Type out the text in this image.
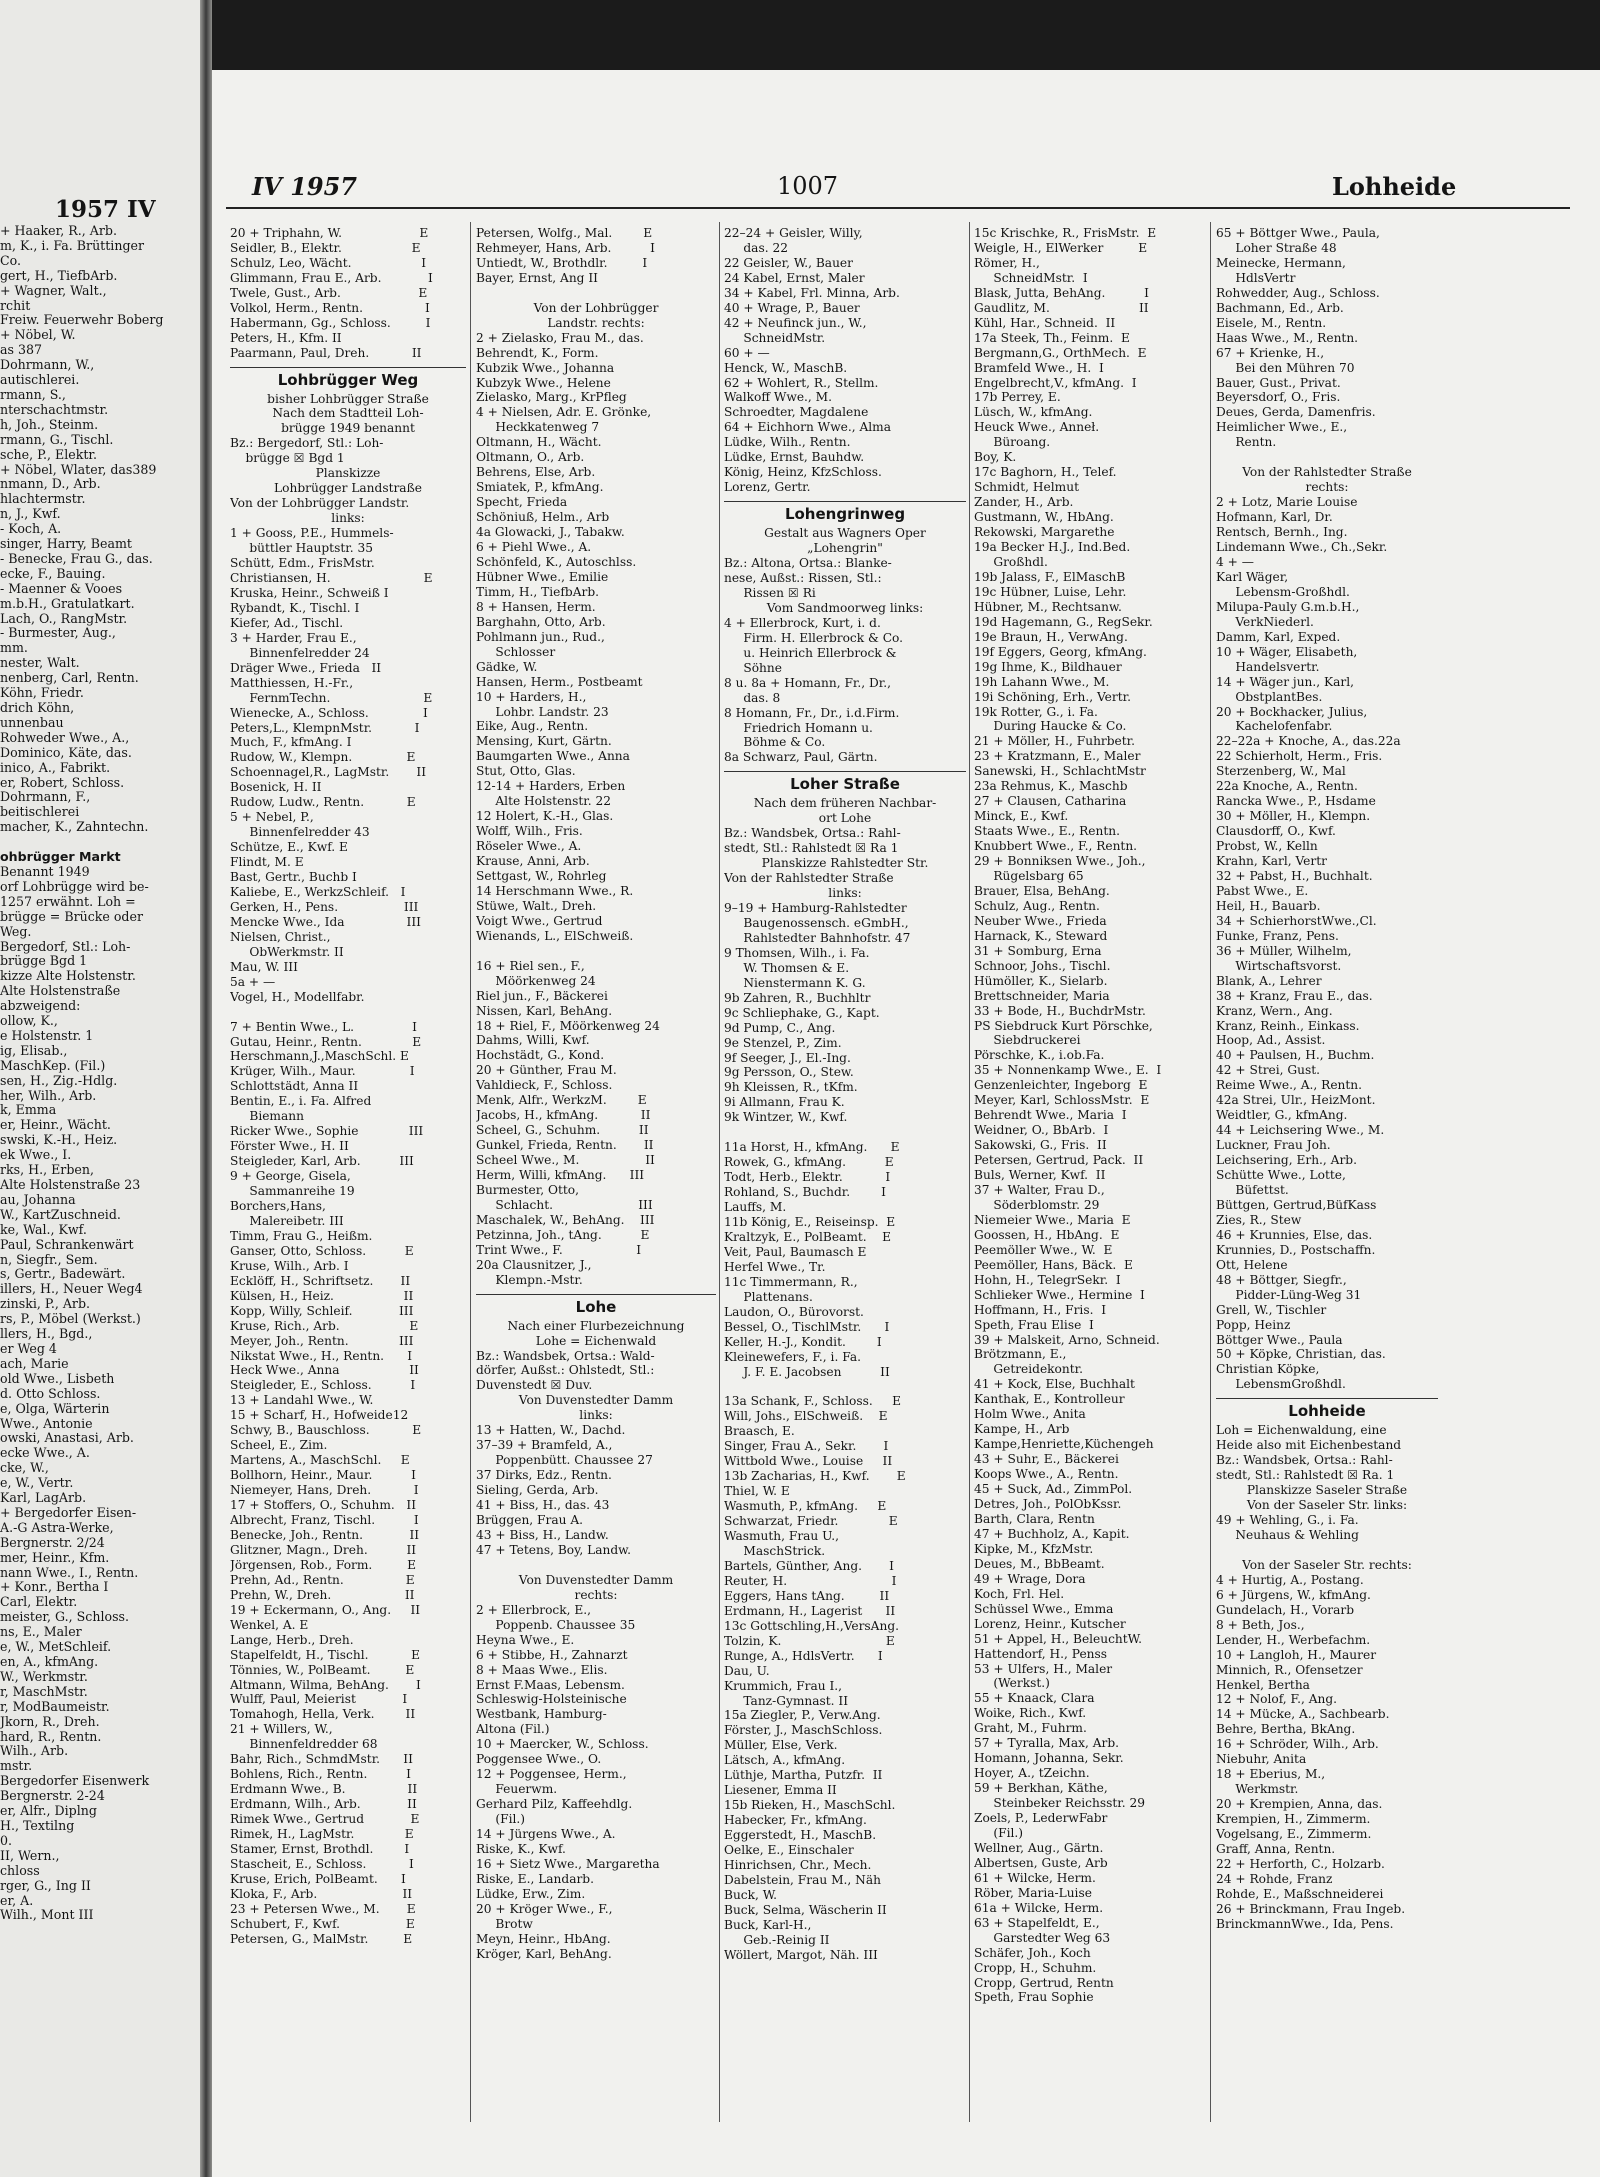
1957 IV
+ Haaker, R., Arb.
m, K., i. Fa. Brüttinger
Co.
gert, H., TiefbArb.
+ Wagner, Walt.,
rchit
Freiw. Feuerwehr Boberg
+ Nöbel, W.
as 387
Dohrmann, W.,
autischlerei.
rmann, S.,
nterschachtmstr.
h, Joh., Steinm.
rmann, G., Tischl.
sche, P., Elektr.
+ Nöbel, Wlater, das389
nmann, D., Arb.
hlachtermstr.
n, J., Kwf.
- Koch, A.
singer, Harry, Beamt
- Benecke, Frau G., das.
ecke, F., Bauing.
- Maenner & Vooes
m.b.H., Gratulatkart.
Lach, O., RangMstr.
- Burmester, Aug.,
mm.
nester, Walt.
nenberg, Carl, Rentn.
Köhn, Friedr.
drich Köhn,
unnenbau
Rohweder Wwe., A.,
Dominico, Käte, das.
inico, A., Fabrikt.
er, Robert, Schloss.
Dohrmann, F.,
beitischlerei
macher, K., Zahntechn.

ohbrügger Markt
Benannt 1949
orf Lohbrügge wird be-
1257 erwähnt. Loh =
brügge = Brücke oder
Weg.
Bergedorf, Stl.: Loh-
brügge Bgd 1
kizze Alte Holstenstr.
Alte Holstenstraße
abzweigend:
ollow, K.,
e Holstenstr. 1
ig, Elisab.,
MaschKep. (Fil.)
sen, H., Zig.-Hdlg.
her, Wilh., Arb.
k, Emma
er, Heinr., Wächt.
swski, K.-H., Heiz.
ek Wwe., I.
rks, H., Erben,
Alte Holstenstraße 23
au, Johanna
W., KartZuschneid.
ke, Wal., Kwf.
Paul, Schrankenwärt
n, Siegfr., Sem.
s, Gertr., Badewärt.
illers, H., Neuer Weg4
zinski, P., Arb.
rs, P., Möbel (Werkst.)
llers, H., Bgd.,
er Weg 4
ach, Marie
old Wwe., Lisbeth
d. Otto Schloss.
e, Olga, Wärterin
Wwe., Antonie
owski, Anastasi, Arb.
ecke Wwe., A.
cke, W.,
e, W., Vertr.
Karl, LagArb.
+ Bergedorfer Eisen-
A.-G Astra-Werke,
Bergnerstr. 2/24
mer, Heinr., Kfm.
nann Wwe., I., Rentn.
+ Konr., Bertha I
Carl, Elektr.
meister, G., Schloss.
ns, E., Maler
e, W., MetSchleif.
en, A., kfmAng.
W., Werkmstr.
r, MaschMstr.
r, ModBaumeistr.
Jkorn, R., Dreh.
hard, R., Rentn.
Wilh., Arb.
mstr.
Bergedorfer Eisenwerk
Bergnerstr. 2-24
er, Alfr., Diplng
H., Textilng
0.
II, Wern.,
chloss
rger, G., Ing II
er, A.
Wilh., Mont III
IV 1957	1007	Lohheide
20 + Triphahn, W.                    E
Seidler, B., Elektr.                  E
Schulz, Leo, Wächt.                  I
Glimmann, Frau E., Arb.            I
Twele, Gust., Arb.                    E
Volkol, Herm., Rentn.                I
Habermann, Gg., Schloss.         I
Peters, H., Kfm. II
Paarmann, Paul, Dreh.           II
Lohbrügger Weg
bisher Lohbrügger Straße
Nach dem Stadtteil Loh-
brügge 1949 benannt
Bz.: Bergedorf, Stl.: Loh-
brügge ☒ Bgd 1
Planskizze
Lohbrügger Landstraße
Von der Lohbrügger Landstr.
links:
1 + Gooss, P.E., Hummels-
büttler Hauptstr. 35
Schütt, Edm., FrisMstr.
Christiansen, H.                        E
Kruska, Heinr., Schweiß I
Rybandt, K., Tischl. I
Kiefer, Ad., Tischl.
3 + Harder, Frau E.,
Binnenfelredder 24
Dräger Wwe., Frieda   II
Matthiessen, H.-Fr.,
FernmTechn.                        E
Wienecke, A., Schloss.              I
Peters,L., KlempnMstr.           I
Much, F., kfmAng. I
Rudow, W., Klempn.              E
Schoennagel,R., LagMstr.       II
Bosenick, H. II
Rudow, Ludw., Rentn.           E
5 + Nebel, P.,
Binnenfelredder 43
Schütze, E., Kwf. E
Flindt, M. E
Bast, Gertr., Buchb I
Kaliebe, E., WerkzSchleif.   I
Gerken, H., Pens.                 III
Mencke Wwe., Ida                III
Nielsen, Christ.,
ObWerkmstr. II
Mau, W. III
5a + —
Vogel, H., Modellfabr.

7 + Bentin Wwe., L.               I
Gutau, Heinr., Rentn.             E
Herschmann,J.,MaschSchl. E
Krüger, Wilh., Maur.              I
Schlottstädt, Anna II
Bentin, E., i. Fa. Alfred
Biemann
Ricker Wwe., Sophie             III
Förster Wwe., H. II
Steigleder, Karl, Arb.          III
9 + George, Gisela,
Sammanreihe 19
Borchers,Hans,
Malereibetr. III
Timm, Frau G., Heißm.
Ganser, Otto, Schloss.          E
Kruse, Wilh., Arb. I
Ecklöff, H., Schriftsetz.       II
Külsen, H., Heiz.                  II
Kopp, Willy, Schleif.            III
Kruse, Rich., Arb.                  E
Meyer, Joh., Rentn.             III
Nikstat Wwe., H., Rentn.      I
Heck Wwe., Anna                  II
Steigleder, E., Schloss.          I
13 + Landahl Wwe., W.
15 + Scharf, H., Hofweide12
Schwy, B., Bauschloss.           E
Scheel, E., Zim.
Martens, A., MaschSchl.     E
Bollhorn, Heinr., Maur.          I
Niemeyer, Hans, Dreh.           I
17 + Stoffers, O., Schuhm.   II
Albrecht, Franz, Tischl.          I
Benecke, Joh., Rentn.            II
Glitzner, Magn., Dreh.          II
Jörgensen, Rob., Form.         E
Prehn, Ad., Rentn.                E
Prehn, W., Dreh.                   II
19 + Eckermann, O., Ang.     II
Wenkel, A. E
Lange, Herb., Dreh.
Stapelfeldt, H., Tischl.           E
Tönnies, W., PolBeamt.         E
Altmann, Wilma, BehAng.       I
Wulff, Paul, Meierist            I
Tomahogh, Hella, Verk.        II
21 + Willers, W.,
Binnenfeldredder 68
Bahr, Rich., SchmdMstr.      II
Bohlens, Rich., Rentn.          I
Erdmann Wwe., B.                II
Erdmann, Wilh., Arb.            II
Rimek Wwe., Gertrud            E
Rimek, H., LagMstr.             E
Stamer, Ernst, Brothdl.        I
Stascheit, E., Schloss.           I
Kruse, Erich, PolBeamt.      I
Kloka, F., Arb.                      II
23 + Petersen Wwe., M.       E
Schubert, F., Kwf.                 E
Petersen, G., MalMstr.         E
Petersen, Wolfg., Mal.        E
Rehmeyer, Hans, Arb.          I
Untiedt, W., Brothdlr.         I
Bayer, Ernst, Ang II

Von der Lohbrügger
Landstr. rechts:
2 + Zielasko, Frau M., das.
Behrendt, K., Form.
Kubzik Wwe., Johanna
Kubzyk Wwe., Helene
Zielasko, Marg., KrPfleg
4 + Nielsen, Adr. E. Grönke,
Heckkatenweg 7
Oltmann, H., Wächt.
Oltmann, O., Arb.
Behrens, Else, Arb.
Smiatek, P., kfmAng.
Specht, Frieda
Schöniuß, Helm., Arb
4a Glowacki, J., Tabakw.
6 + Piehl Wwe., A.
Schönfeld, K., Autoschlss.
Hübner Wwe., Emilie
Timm, H., TiefbArb.
8 + Hansen, Herm.
Barghahn, Otto, Arb.
Pohlmann jun., Rud.,
Schlosser
Gädke, W.
Hansen, Herm., Postbeamt
10 + Harders, H.,
Lohbr. Landstr. 23
Eike, Aug., Rentn.
Mensing, Kurt, Gärtn.
Baumgarten Wwe., Anna
Stut, Otto, Glas.
12-14 + Harders, Erben
Alte Holstenstr. 22
12 Holert, K.-H., Glas.
Wolff, Wilh., Fris.
Röseler Wwe., A.
Krause, Anni, Arb.
Settgast, W., Rohrleg
14 Herschmann Wwe., R.
Stüwe, Walt., Dreh.
Voigt Wwe., Gertrud
Wienands, L., ElSchweiß.

16 + Riel sen., F.,
Möörkenweg 24
Riel jun., F., Bäckerei
Nissen, Karl, BehAng.
18 + Riel, F., Möörkenweg 24
Dahms, Willi, Kwf.
Hochstädt, G., Kond.
20 + Günther, Frau M.
Vahldieck, F., Schloss.
Menk, Alfr., WerkzM.        E
Jacobs, H., kfmAng.           II
Scheel, G., Schuhm.          II
Gunkel, Frieda, Rentn.       II
Scheel Wwe., M.                 II
Herm, Willi, kfmAng.      III
Burmester, Otto,
Schlacht.                      III
Maschalek, W., BehAng.    III
Petzinna, Joh., tAng.          E
Trint Wwe., F.                   I
20a Clausnitzer, J.,
Klempn.-Mstr.
Lohe
Nach einer Flurbezeichnung
Lohe = Eichenwald
Bz.: Wandsbek, Ortsa.: Wald-
dörfer, Außst.: Ohlstedt, Stl.:
Duvenstedt ☒ Duv.
Von Duvenstedter Damm
links:
13 + Hatten, W., Dachd.
37–39 + Bramfeld, A.,
Poppenbütt. Chaussee 27
37 Dirks, Edz., Rentn.
Sieling, Gerda, Arb.
41 + Biss, H., das. 43
Brüggen, Frau A.
43 + Biss, H., Landw.
47 + Tetens, Boy, Landw.

Von Duvenstedter Damm
rechts:
2 + Ellerbrock, E.,
Poppenb. Chaussee 35
Heyna Wwe., E.
6 + Stibbe, H., Zahnarzt
8 + Maas Wwe., Elis.
Ernst F.Maas, Lebensm.
Schleswig-Holsteinische
Westbank, Hamburg-
Altona (Fil.)
10 + Maercker, W., Schloss.
Poggensee Wwe., O.
12 + Poggensee, Herm.,
Feuerwm.
Gerhard Pilz, Kaffeehdlg.
(Fil.)
14 + Jürgens Wwe., A.
Riske, K., Kwf.
16 + Sietz Wwe., Margaretha
Riske, E., Landarb.
Lüdke, Erw., Zim.
20 + Kröger Wwe., F.,
Brotw
Meyn, Heinr., HbAng.
Kröger, Karl, BehAng.
22–24 + Geisler, Willy,
das. 22
22 Geisler, W., Bauer
24 Kabel, Ernst, Maler
34 + Kabel, Frl. Minna, Arb.
40 + Wrage, P., Bauer
42 + Neufinck jun., W.,
SchneidMstr.
60 + —
Henck, W., MaschB.
62 + Wohlert, R., Stellm.
Walkoff Wwe., M.
Schroedter, Magdalene
64 + Eichhorn Wwe., Alma
Lüdke, Wilh., Rentn.
Lüdke, Ernst, Bauhdw.
König, Heinz, KfzSchloss.
Lorenz, Gertr.
Lohengrinweg
Gestalt aus Wagners Oper
„Lohengrin"
Bz.: Altona, Ortsa.: Blanke-
nese, Außst.: Rissen, Stl.:
Rissen ☒ Ri
Vom Sandmoorweg links:
4 + Ellerbrock, Kurt, i. d.
Firm. H. Ellerbrock & Co.
u. Heinrich Ellerbrock &
Söhne
8 u. 8a + Homann, Fr., Dr.,
das. 8
8 Homann, Fr., Dr., i.d.Firm.
Friedrich Homann u.
Böhme & Co.
8a Schwarz, Paul, Gärtn.
Loher Straße
Nach dem früheren Nachbar-
ort Lohe
Bz.: Wandsbek, Ortsa.: Rahl-
stedt, Stl.: Rahlstedt ☒ Ra 1
Planskizze Rahlstedter Str.
Von der Rahlstedter Straße
links:
9–19 + Hamburg-Rahlstedter
Baugenossensch. eGmbH.,
Rahlstedter Bahnhofstr. 47
9 Thomsen, Wilh., i. Fa.
W. Thomsen & E.
Nienstermann K. G.
9b Zahren, R., Buchhltr
9c Schliephake, G., Kapt.
9d Pump, C., Ang.
9e Stenzel, P., Zim.
9f Seeger, J., El.-Ing.
9g Persson, O., Stew.
9h Kleissen, R., tKfm.
9i Allmann, Frau K.
9k Wintzer, W., Kwf.

11a Horst, H., kfmAng.      E
Rowek, G., kfmAng.          E
Todt, Herb., Elektr.           I
Rohland, S., Buchdr.        I
Lauffs, M.
11b König, E., Reiseinsp.  E
Kraltzyk, E., PolBeamt.    E
Veit, Paul, Baumasch E
Herfel Wwe., Tr.
11c Timmermann, R.,
Plattenans.
Laudon, O., Bürovorst.
Bessel, O., TischlMstr.      I
Keller, H.-J., Kondit.        I
Kleinewefers, F., i. Fa.
J. F. E. Jacobsen          II

13a Schank, F., Schloss.     E
Will, Johs., ElSchweiß.    E
Braasch, E.
Singer, Frau A., Sekr.       I
Wittbold Wwe., Louise     II
13b Zacharias, H., Kwf.       E
Thiel, W. E
Wasmuth, P., kfmAng.     E
Schwarzat, Friedr.             E
Wasmuth, Frau U.,
MaschStrick.
Bartels, Günther, Ang.       I
Reuter, H.                           I
Eggers, Hans tAng.         II
Erdmann, H., Lagerist      II
13c Gottschling,H.,VersAng.
Tolzin, K.                           E
Runge, A., HdlsVertr.      I
Dau, U.
Krummich, Frau I.,
Tanz-Gymnast. II
15a Ziegler, P., Verw.Ang.
Förster, J., MaschSchloss.
Müller, Else, Verk.
Lätsch, A., kfmAng.
Lüthje, Martha, Putzfr.  II
Liesener, Emma II
15b Rieken, H., MaschSchl.
Habecker, Fr., kfmAng.
Eggerstedt, H., MaschB.
Oelke, E., Einschaler
Hinrichsen, Chr., Mech.
Dabelstein, Frau M., Näh
Buck, W.
Buck, Selma, Wäscherin II
Buck, Karl-H.,
Geb.-Reinig II
Wöllert, Margot, Näh. III
15c Krischke, R., FrisMstr.  E
Weigle, H., ElWerker         E
Römer, H.,
SchneidMstr.  I
Blask, Jutta, BehAng.          I
Gaudlitz, M.                       II
Kühl, Har., Schneid.  II
17a Steek, Th., Feinm.  E
Bergmann,G., OrthMech.  E
Bramfeld Wwe., H.  I
Engelbrecht,V., kfmAng.  I
17b Perrey, E.
Lüsch, W., kfmAng.
Heuck Wwe., Anneł.
Büroang.
Boy, K.
17c Baghorn, H., Telef.
Schmidt, Helmut
Zander, H., Arb.
Gustmann, W., HbAng.
Rekowski, Margarethe
19a Becker H.J., Ind.Bed.
Großhdl.
19b Jalass, F., ElMaschB
19c Hübner, Luise, Lehr.
Hübner, M., Rechtsanw.
19d Hagemann, G., RegSekr.
19e Braun, H., VerwAng.
19f Eggers, Georg, kfmAng.
19g Ihme, K., Bildhauer
19h Lahann Wwe., M.
19i Schöning, Erh., Vertr.
19k Rotter, G., i. Fa.
During Haucke & Co.
21 + Möller, H., Fuhrbetr.
23 + Kratzmann, E., Maler
Sanewski, H., SchlachtMstr
23a Rehmus, K., Maschb
27 + Clausen, Catharina
Minck, E., Kwf.
Staats Wwe., E., Rentn.
Knubbert Wwe., F., Rentn.
29 + Bonniksen Wwe., Joh.,
Rügelsbarg 65
Brauer, Elsa, BehAng.
Schulz, Aug., Rentn.
Neuber Wwe., Frieda
Harnack, K., Steward
31 + Somburg, Erna
Schnoor, Johs., Tischl.
Hümöller, K., Sielarb.
Brettschneider, Maria
33 + Bode, H., BuchdrMstr.
PS Siebdruck Kurt Pörschke,
Siebdruckerei
Pörschke, K., i.ob.Fa.
35 + Nonnenkamp Wwe., E.  I
Genzenleichter, Ingeborg  E
Meyer, Karl, SchlossMstr.  E
Behrendt Wwe., Maria  I
Weidner, O., BbArb.  I
Sakowski, G., Fris.  II
Petersen, Gertrud, Pack.  II
Buls, Werner, Kwf.  II
37 + Walter, Frau D.,
Söderblomstr. 29
Niemeier Wwe., Maria  E
Goossen, H., HbAng.  E
Peemöller Wwe., W.  E
Peemöller, Hans, Bäck.  E
Hohn, H., TelegrSekr.  I
Schlieker Wwe., Hermine  I
Hoffmann, H., Fris.  I
Speth, Frau Elise  I
39 + Malskeit, Arno, Schneid.
Brötzmann, E.,
Getreidekontr.
41 + Kock, Else, Buchhalt
Kanthak, E., Kontrolleur
Holm Wwe., Anita
Kampe, H., Arb
Kampe,Henriette,Küchengeh
43 + Suhr, E., Bäckerei
Koops Wwe., A., Rentn.
45 + Suck, Ad., ZimmPol.
Detres, Joh., PolObKssr.
Barth, Clara, Rentn
47 + Buchholz, A., Kapit.
Kipke, M., KfzMstr.
Deues, M., BbBeamt.
49 + Wrage, Dora
Koch, Frl. Hel.
Schüssel Wwe., Emma
Lorenz, Heinr., Kutscher
51 + Appel, H., BeleuchtW.
Hattendorf, H., Penss
53 + Ulfers, H., Maler
(Werkst.)
55 + Knaack, Clara
Woike, Rich., Kwf.
Graht, M., Fuhrm.
57 + Tyralla, Max, Arb.
Homann, Johanna, Sekr.
Hoyer, A., tZeichn.
59 + Berkhan, Käthe,
Steinbeker Reichsstr. 29
Zoels, P., LederwFabr
(Fil.)
Wellner, Aug., Gärtn.
Albertsen, Guste, Arb
61 + Wilcke, Herm.
Röber, Maria-Luise
61a + Wilcke, Herm.
63 + Stapelfeldt, E.,
Garstedter Weg 63
Schäfer, Joh., Koch
Cropp, H., Schuhm.
Cropp, Gertrud, Rentn
Speth, Frau Sophie
65 + Böttger Wwe., Paula,
Loher Straße 48
Meinecke, Hermann,
HdlsVertr
Rohwedder, Aug., Schloss.
Bachmann, Ed., Arb.
Eisele, M., Rentn.
Haas Wwe., M., Rentn.
67 + Krienke, H.,
Bei den Mühren 70
Bauer, Gust., Privat.
Beyersdorf, O., Fris.
Deues, Gerda, Damenfris.
Heimlicher Wwe., E.,
Rentn.

Von der Rahlstedter Straße
rechts:
2 + Lotz, Marie Louise
Hofmann, Karl, Dr.
Rentsch, Bernh., Ing.
Lindemann Wwe., Ch.,Sekr.
4 + —
Karl Wäger,
Lebensm-Großhdl.
Milupa-Pauly G.m.b.H.,
VerkNiederl.
Damm, Karl, Exped.
10 + Wäger, Elisabeth,
Handelsvertr.
14 + Wäger jun., Karl,
ObstplantBes.
20 + Bockhacker, Julius,
Kachelofenfabr.
22–22a + Knoche, A., das.22a
22 Schierholt, Herm., Fris.
Sterzenberg, W., Mal
22a Knoche, A., Rentn.
Rancka Wwe., P., Hsdame
30 + Möller, H., Klempn.
Clausdorff, O., Kwf.
Probst, W., Kelln
Krahn, Karl, Vertr
32 + Pabst, H., Buchhalt.
Pabst Wwe., E.
Heil, H., Bauarb.
34 + SchierhorstWwe.,Cl.
Funke, Franz, Pens.
36 + Müller, Wilhelm,
Wirtschaftsvorst.
Blank, A., Lehrer
38 + Kranz, Frau E., das.
Kranz, Wern., Ang.
Kranz, Reinh., Einkass.
Hoop, Ad., Assist.
40 + Paulsen, H., Buchm.
42 + Strei, Gust.
Reime Wwe., A., Rentn.
42a Strei, Ulr., HeizMont.
Weidtler, G., kfmAng.
44 + Leichsering Wwe., M.
Luckner, Frau Joh.
Leichsering, Erh., Arb.
Schütte Wwe., Lotte,
Büfettst.
Büttgen, Gertrud,BüfKass
Zies, R., Stew
46 + Krunnies, Else, das.
Krunnies, D., Postschaffn.
Ott, Helene
48 + Böttger, Siegfr.,
Pidder-Lüng-Weg 31
Grell, W., Tischler
Popp, Heinz
Böttger Wwe., Paula
50 + Köpke, Christian, das.
Christian Köpke,
LebensmGroßhdl.
Lohheide
Loh = Eichenwaldung, eine
Heide also mit Eichenbestand
Bz.: Wandsbek, Ortsa.: Rahl-
stedt, Stl.: Rahlstedt ☒ Ra. 1
Planskizze Saseler Straße
Von der Saseler Str. links:
49 + Wehling, G., i. Fa.
Neuhaus & Wehling

Von der Saseler Str. rechts:
4 + Hurtig, A., Postang.
6 + Jürgens, W., kfmAng.
Gundelach, H., Vorarb
8 + Beth, Jos.,
Lender, H., Werbefachm.
10 + Langloh, H., Maurer
Minnich, R., Ofensetzer
Henkel, Bertha
12 + Nolof, F., Ang.
14 + Mücke, A., Sachbearb.
Behre, Bertha, BkAng.
16 + Schröder, Wilh., Arb.
Niebuhr, Anita
18 + Eberius, M.,
Werkmstr.
20 + Krempien, Anna, das.
Krempien, H., Zimmerm.
Vogelsang, E., Zimmerm.
Graff, Anna, Rentn.
22 + Herforth, C., Holzarb.
24 + Rohde, Franz
Rohde, E., Maßschneiderei
26 + Brinckmann, Frau Ingeb.
BrinckmannWwe., Ida, Pens.
